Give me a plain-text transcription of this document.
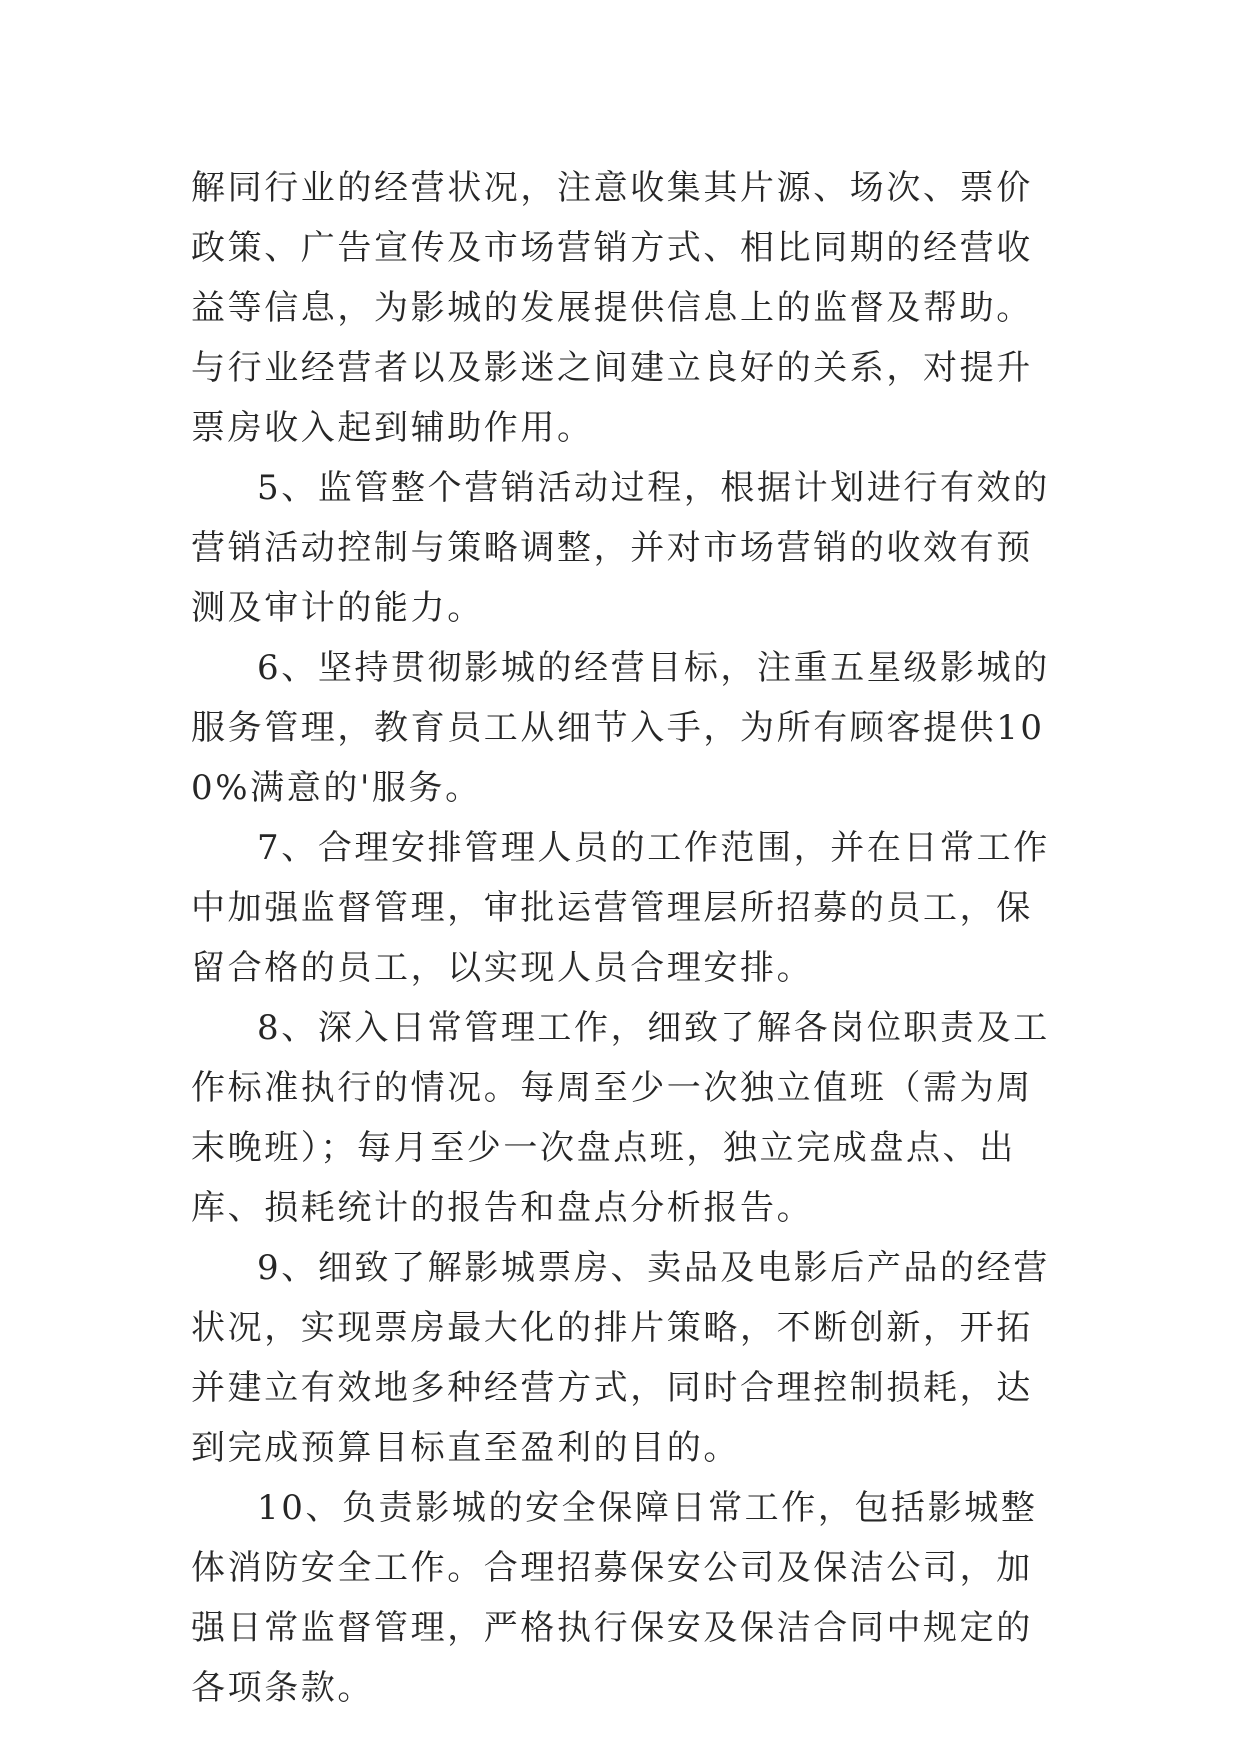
解同行业的经营状况，注意收集其片源、场次、票价政策、广告宣传及市场营销方式、相比同期的经营收益等信息，为影城的发展提供信息上的监督及帮助。与行业经营者以及影迷之间建立良好的关系，对提升票房收入起到辅助作用。

5、监管整个营销活动过程，根据计划进行有效的营销活动控制与策略调整，并对市场营销的收效有预测及审计的能力。

6、坚持贯彻影城的经营目标，注重五星级影城的服务管理，教育员工从细节入手，为所有顾客提供100%满意的'服务。

7、合理安排管理人员的工作范围，并在日常工作中加强监督管理，审批运营管理层所招募的员工，保留合格的员工，以实现人员合理安排。

8、深入日常管理工作，细致了解各岗位职责及工作标准执行的情况。每周至少一次独立值班（需为周末晚班）；每月至少一次盘点班，独立完成盘点、出库、损耗统计的报告和盘点分析报告。

9、细致了解影城票房、卖品及电影后产品的经营状况，实现票房最大化的排片策略，不断创新，开拓并建立有效地多种经营方式，同时合理控制损耗，达到完成预算目标直至盈利的目的。

10、负责影城的安全保障日常工作，包括影城整体消防安全工作。合理招募保安公司及保洁公司，加强日常监督管理，严格执行保安及保洁合同中规定的各项条款。
